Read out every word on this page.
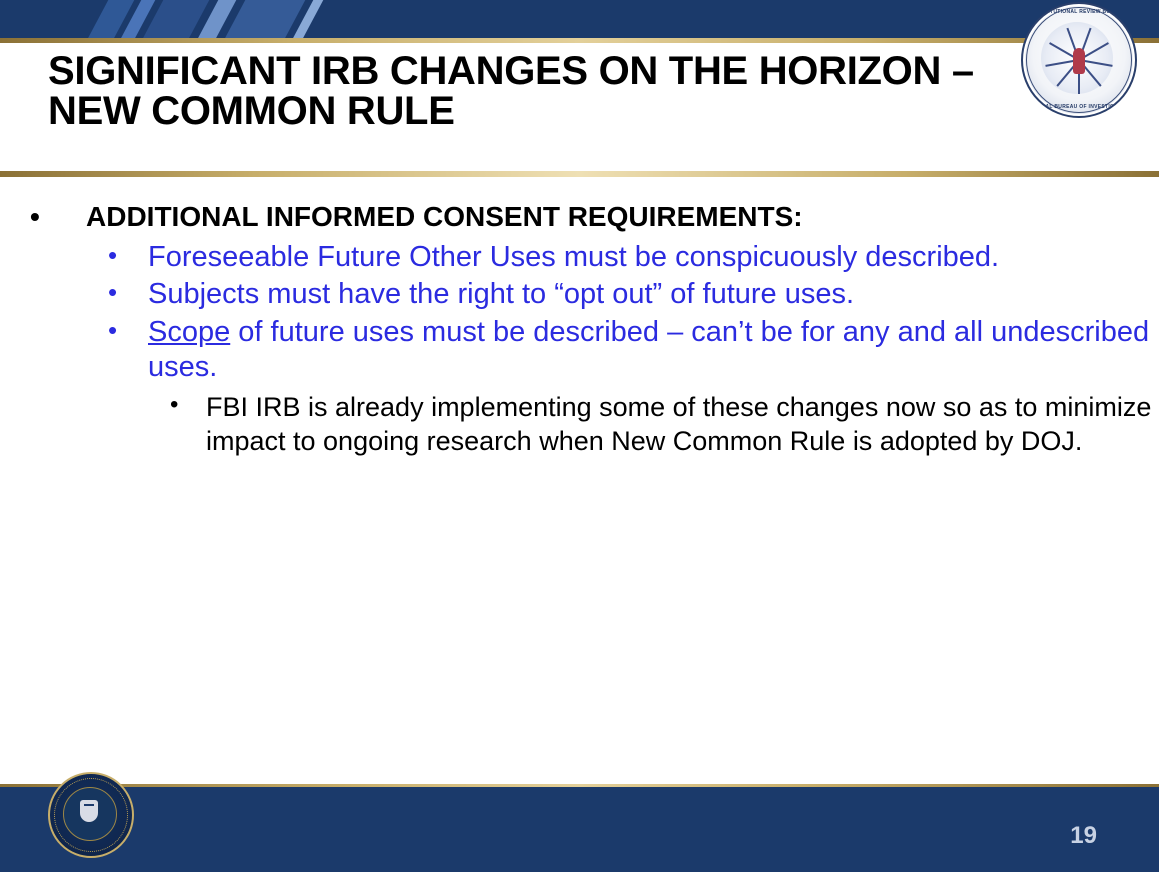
SIGNIFICANT IRB CHANGES ON THE HORIZON – NEW COMMON RULE
INSTITUTIONAL REVIEW BOARD
FEDERAL BUREAU OF INVESTIGATION
• ADDITIONAL INFORMED CONSENT REQUIREMENTS:
• Foreseeable Future Other Uses must be conspicuously described.
• Subjects must have the right to “opt out” of future uses.
• Scope of future uses must be described – can’t be for any and all undescribed uses.
• FBI IRB is already implementing some of these changes now so as to minimize impact to ongoing research when New Common Rule is adopted by DOJ.
19
